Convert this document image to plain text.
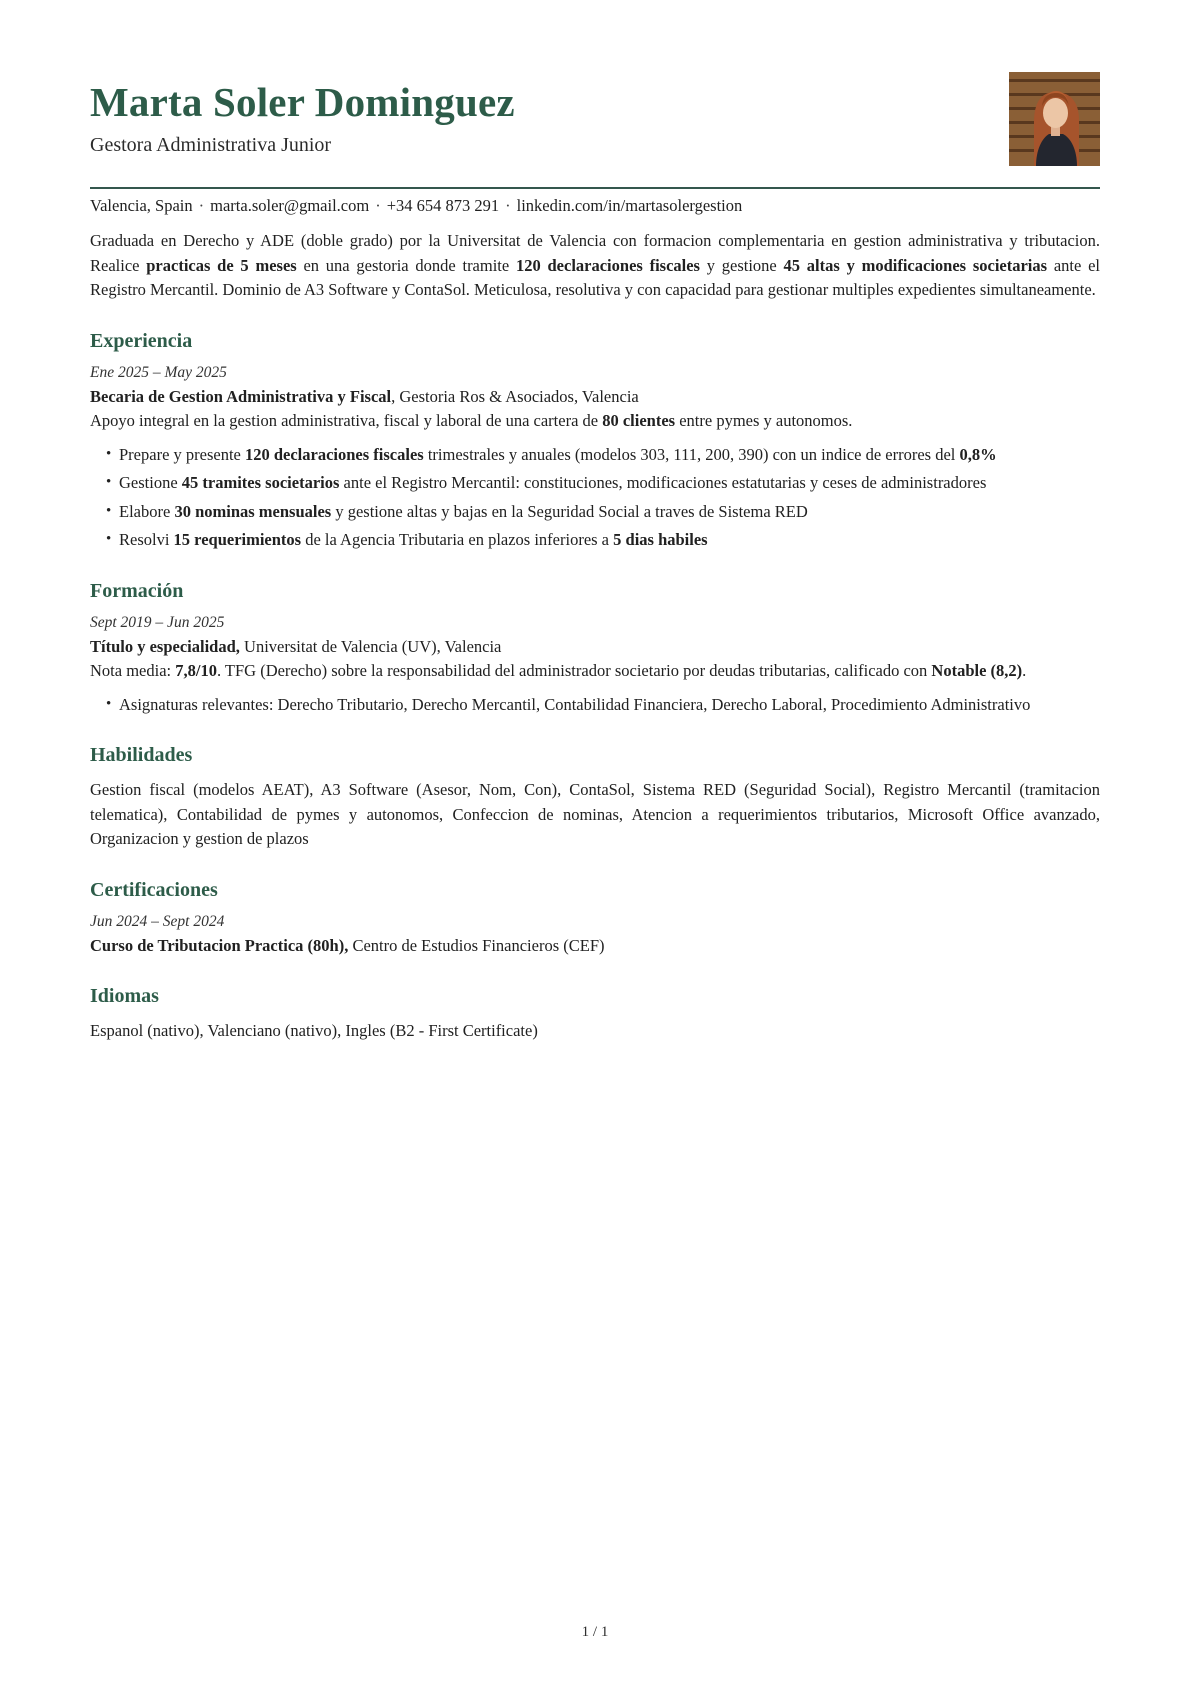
Marta Soler Dominguez
Gestora Administrativa Junior
Valencia, Spain · marta.soler@gmail.com · +34 654 873 291 · linkedin.com/in/martasolergestion

Graduada en Derecho y ADE (doble grado) por la Universitat de Valencia con formacion complementaria en gestion administrativa y tributacion. Realice practicas de 5 meses en una gestoria donde tramite 120 declaraciones fiscales y gestione 45 altas y modificaciones societarias ante el Registro Mercantil. Dominio de A3 Software y ContaSol. Meticulosa, resolutiva y con capacidad para gestionar multiples expedientes simultaneamente.

Experiencia
Ene 2025 – May 2025
Becaria de Gestion Administrativa y Fiscal, Gestoria Ros & Asociados, Valencia
Apoyo integral en la gestion administrativa, fiscal y laboral de una cartera de 80 clientes entre pymes y autonomos.
• Prepare y presente 120 declaraciones fiscales trimestrales y anuales (modelos 303, 111, 200, 390) con un indice de errores del 0,8%
• Gestione 45 tramites societarios ante el Registro Mercantil: constituciones, modificaciones estatutarias y ceses de administradores
• Elabore 30 nominas mensuales y gestione altas y bajas en la Seguridad Social a traves de Sistema RED
• Resolvi 15 requerimientos de la Agencia Tributaria en plazos inferiores a 5 dias habiles
Formación
Sept 2019 – Jun 2025
Título y especialidad, Universitat de Valencia (UV), Valencia
Nota media: 7,8/10. TFG (Derecho) sobre la responsabilidad del administrador societario por deudas tributarias, calificado con Notable (8,2).
• Asignaturas relevantes: Derecho Tributario, Derecho Mercantil, Contabilidad Financiera, Derecho Laboral, Procedimiento Administrativo
Habilidades

Gestion fiscal (modelos AEAT), A3 Software (Asesor, Nom, Con), ContaSol, Sistema RED (Seguridad Social), Registro Mercantil (tramitacion telematica), Contabilidad de pymes y autonomos, Confeccion de nominas, Atencion a requerimientos tributarios, Microsoft Office avanzado, Organizacion y gestion de plazos

Certificaciones
Jun 2024 – Sept 2024
Curso de Tributacion Practica (80h), Centro de Estudios Financieros (CEF)
Idiomas

Espanol (nativo), Valenciano (nativo), Ingles (B2 - First Certificate)

1 / 1
